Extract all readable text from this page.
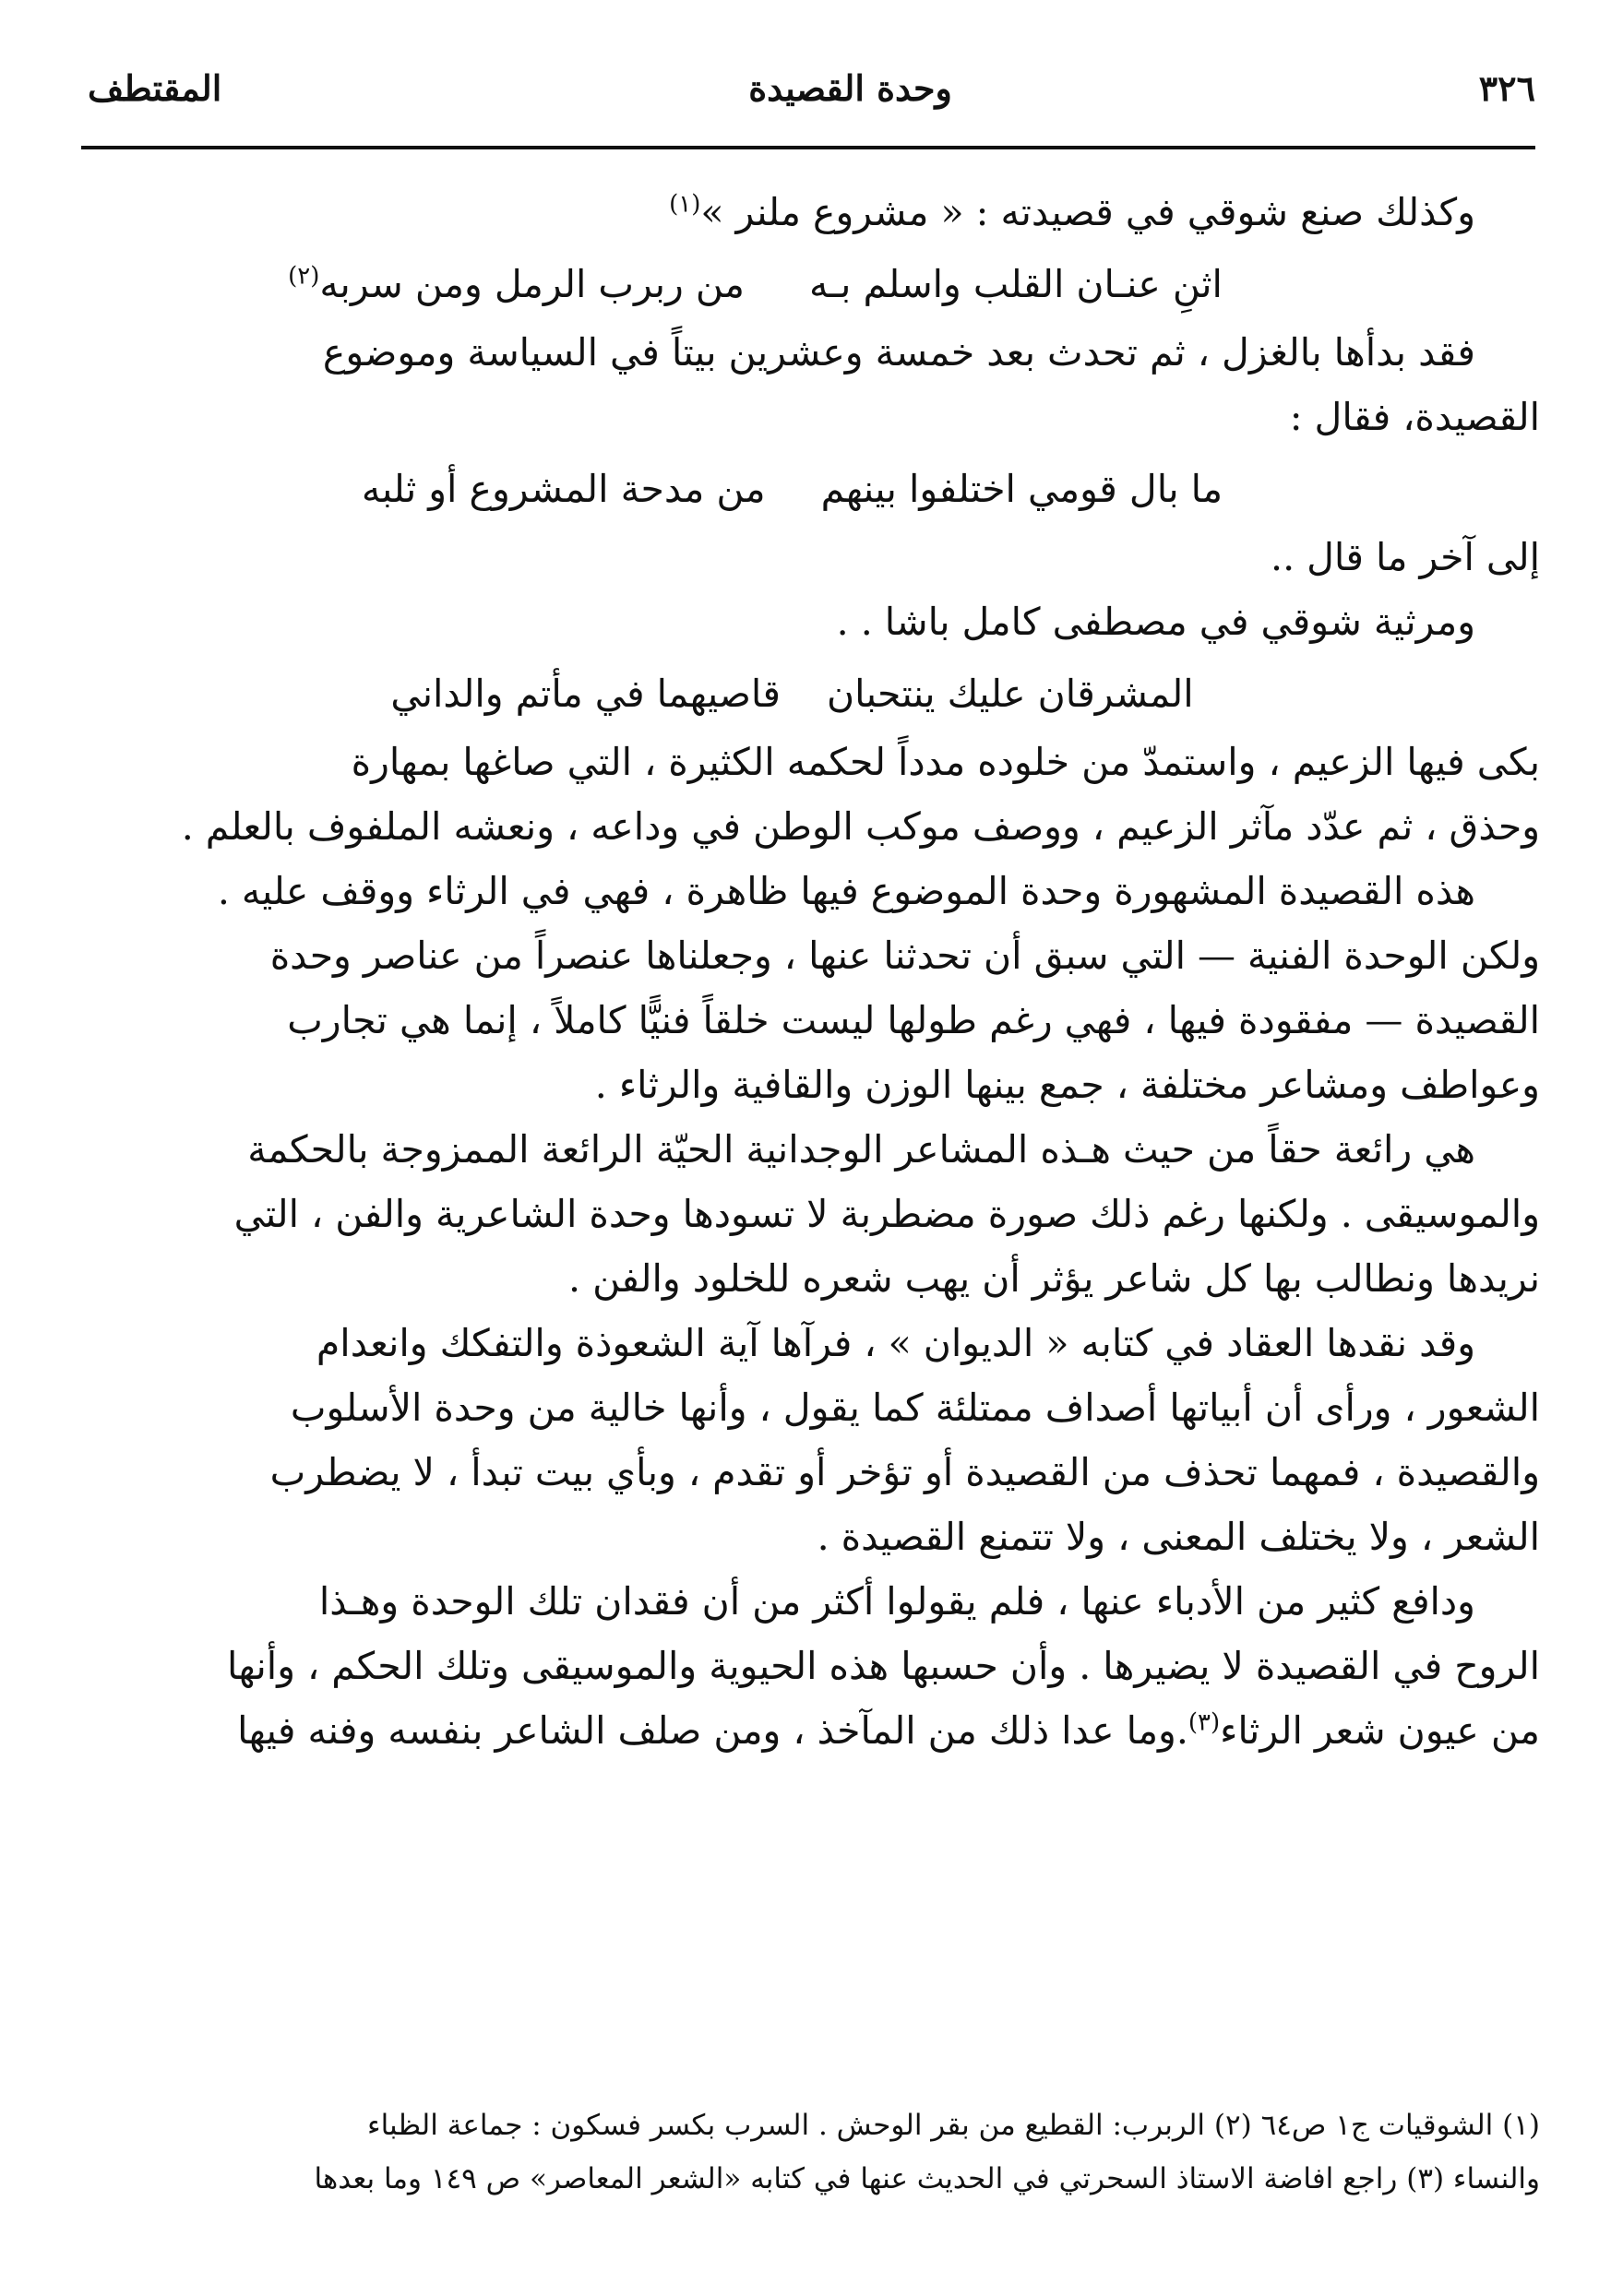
٣٢٦
وحدة القصيدة
المقتطف
وكذلك صنع شوقي في قصيدته : « مشروع ملنر »$^{(١)}$
اثنِ عنـان القلب واسلم بـه
من ربرب الرمل ومن سربه$^{(٢)}$
فقد بدأها بالغزل ، ثم تحدث بعد خمسة وعشرين بيتاً في السياسة وموضوع
القصيدة، فقال :
ما بال قومي اختلفوا بينهم
من مدحة المشروع أو ثلبه
إلى آخر ما قال ..
ومرثية شوقي في مصطفى كامل باشا . .
المشرقان عليك ينتحبان
قاصيهما في مأتم والداني
بكى فيها الزعيم ، واستمدّ من خلوده مدداً لحكمه الكثيرة ، التي صاغها بمهارة
وحذق ، ثم عدّد مآثر الزعيم ، ووصف موكب الوطن في وداعه ، ونعشه الملفوف بالعلم .
هذه القصيدة المشهورة وحدة الموضوع فيها ظاهرة ، فهي في الرثاء ووقف عليه .
ولكن الوحدة الفنية — التي سبق أن تحدثنا عنها ، وجعلناها عنصراً من عناصر وحدة
القصيدة — مفقودة فيها ، فهي رغم طولها ليست خلقاً فنيًّا كاملاً ، إنما هي تجارب
وعواطف ومشاعر مختلفة ، جمع بينها الوزن والقافية والرثاء .
هي رائعة حقاً من حيث هـذه المشاعر الوجدانية الحيّة الرائعة الممزوجة بالحكمة
والموسيقى . ولكنها رغم ذلك صورة مضطربة لا تسودها وحدة الشاعرية والفن ، التي
نريدها ونطالب بها كل شاعر يؤثر أن يهب شعره للخلود والفن .
وقد نقدها العقاد في كتابه « الديوان » ، فرآها آية الشعوذة والتفكك وانعدام
الشعور ، ورأى أن أبياتها أصداف ممتلئة كما يقول ، وأنها خالية من وحدة الأسلوب
والقصيدة ، فمهما تحذف من القصيدة أو تؤخر أو تقدم ، وبأي بيت تبدأ ، لا يضطرب
الشعر ، ولا يختلف المعنى ، ولا تتمنع القصيدة .
ودافع كثير من الأدباء عنها ، فلم يقولوا أكثر من أن فقدان تلك الوحدة وهـذا
الروح في القصيدة لا يضيرها . وأن حسبها هذه الحيوية والموسيقى وتلك الحكم ، وأنها
من عيون شعر الرثاء$^{(٣)}$.وما عدا ذلك من المآخذ ، ومن صلف الشاعر بنفسه وفنه فيها
(١) الشوقيات ج١ ص٦٤ (٢) الربرب: القطيع من بقر الوحش . السرب بكسر فسكون : جماعة الظباء
والنساء (٣) راجع افاضة الاستاذ السحرتي في الحديث عنها في كتابه «الشعر المعاصر» ص ١٤٩ وما بعدها
